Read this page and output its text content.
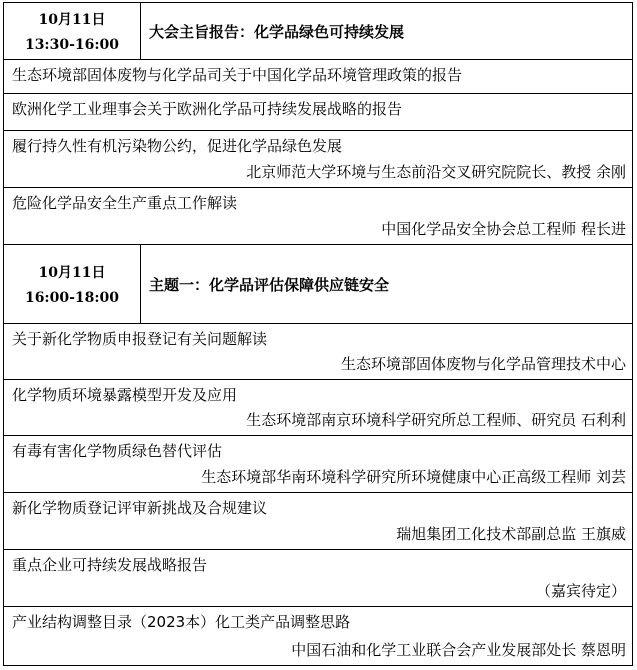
10月11日
13:30-16:00
大会主旨报告：化学品绿色可持续发展
生态环境部固体废物与化学品司关于中国化学品环境管理政策的报告
欧洲化学工业理事会关于欧洲化学品可持续发展战略的报告
履行持久性有机污染物公约，促进化学品绿色发展
北京师范大学环境与生态前沿交叉研究院院长、教授 余刚
危险化学品安全生产重点工作解读
中国化学品安全协会总工程师 程长进
10月11日
16:00-18:00
主题一：化学品评估保障供应链安全
关于新化学物质申报登记有关问题解读
生态环境部固体废物与化学品管理技术中心
化学物质环境暴露模型开发及应用
生态环境部南京环境科学研究所总工程师、研究员 石利利
有毒有害化学物质绿色替代评估
生态环境部华南环境科学研究所环境健康中心正高级工程师 刘芸
新化学物质登记评审新挑战及合规建议
瑞旭集团工化技术部副总监 王旗威
重点企业可持续发展战略报告
（嘉宾待定）
产业结构调整目录（2023本）化工类产品调整思路
中国石油和化学工业联合会产业发展部处长 蔡恩明
